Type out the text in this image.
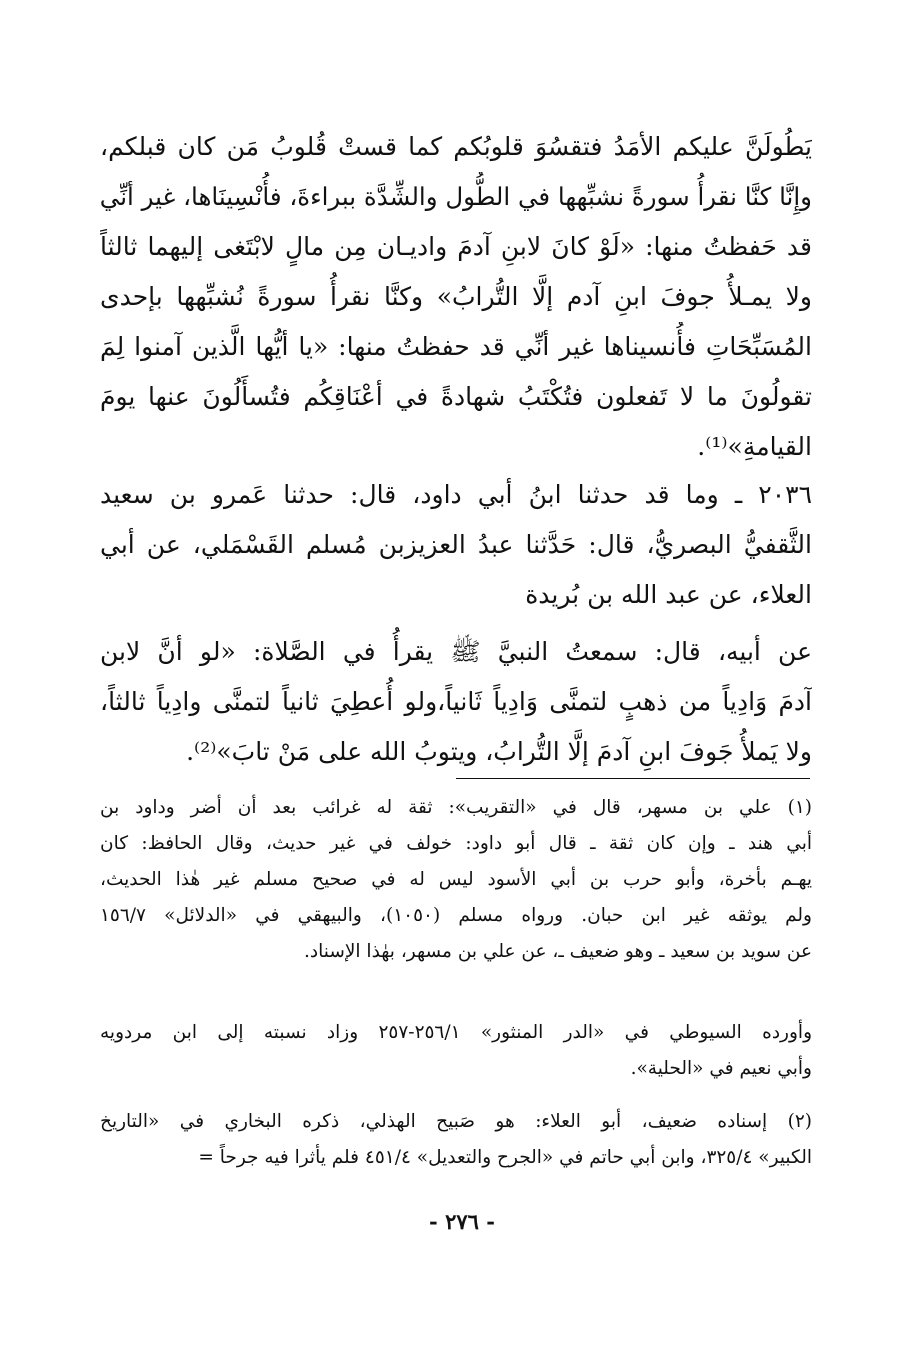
يَطُولَنَّ عليكم الأمَدُ فتقسُوَ قلوبُكم كما قستْ قُلوبُ مَن كان قبلكم،
وإِنَّا كنَّا نقرأُ سورةً نشبِّهها في الطُّول والشِّدَّة ببراءةَ، فأُنْسِينَاها، غير أنِّي
قد حَفظتُ منها: «لَوْ كانَ لابنِ آدمَ واديـان مِن مالٍ لابْتَغى إليهما ثالثاً
ولا يمـلأُ جوفَ ابنِ آدم إلَّا التُّرابُ» وكنَّا نقرأُ سورةً نُشبِّهها بإحدى
المُسَبِّحَاتِ فأُنسيناها غير أنِّي قد حفظتُ منها: «يا أيُّها الَّذين آمنوا لِمَ
تقولُونَ ما لا تَفعلون فتُكْتَبُ شهادةً في أعْنَاقِكُم فتُسأَلُونَ عنها يومَ
القيامةِ»⁽¹⁾.
٢٠٣٦ ـ وما قد حدثنا ابنُ أبي داود، قال: حدثنا عَمرو بن سعيد
الثَّقفيُّ البصريُّ، قال: حَدَّثنا عبدُ العزيزبن مُسلم القَسْمَلي، عن أبي
العلاء، عن عبد الله بن بُريدة
عن أبيه، قال: سمعتُ النبيَّ ﷺ يقرأُ في الصَّلاة: «لو أنَّ لابن
آدمَ وَادِياً من ذهبٍ لتمنَّى وَادِياً ثَانياً،ولو أُعطِيَ ثانياً لتمنَّى وادِياً ثالثاً،
ولا يَملأُ جَوفَ ابنِ آدمَ إلَّا التُّرابُ، ويتوبُ الله على مَنْ تابَ»⁽²⁾.
(١) علي بن مسهر، قال في «التقريب»: ثقة له غرائب بعد أن أضر وداود بن
أبي هند ـ وإن كان ثقة ـ قال أبو داود: خولف في غير حديث، وقال الحافظ: كان
يهـم بأخرة، وأبو حرب بن أبي الأسود ليس له في صحيح مسلم غير هٰذا الحديث،
ولم يوثقه غير ابن حبان. ورواه مسلم (١٠٥٠)، والبيهقي في «الدلائل» ١٥٦/٧
عن سويد بن سعيد ـ وهو ضعيف ـ، عن علي بن مسهر، بهٰذا الإسناد.
وأورده السيوطي في «الدر المنثور» ٢٥٦/١-٢٥٧ وزاد نسبته إلى ابن مردويه
وأبي نعيم في «الحلية».
(٢) إسناده ضعيف، أبو العلاء: هو صَبيح الهذلي، ذكره البخاري في «التاريخ
الكبير» ٣٢٥/٤، وابن أبي حاتم في «الجرح والتعديل» ٤٥١/٤ فلم يأثرا فيه جرحاً =
- ٢٧٦ -
